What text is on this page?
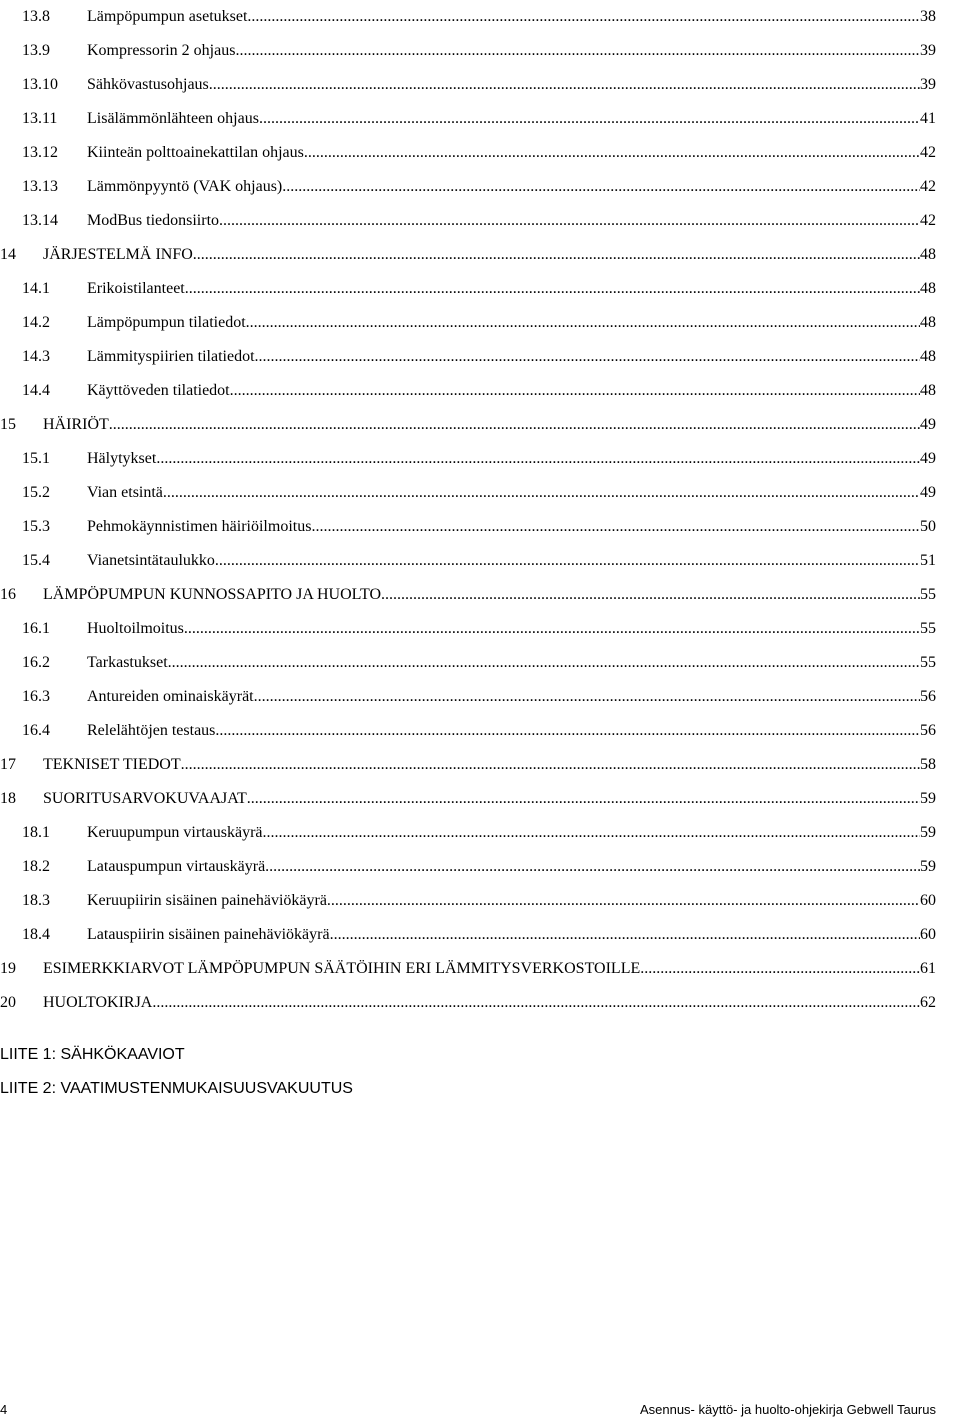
13.8 Lämpöpumpun asetukset .....	38
13.9 Kompressorin 2 ohjaus .....	39
13.10 Sähkövastusohjaus .....	39
13.11 Lisälämmönlähteen ohjaus .....	41
13.12 Kiinteän polttoainekattilan ohjaus .....	42
13.13 Lämmönpyyntö (VAK ohjaus) .....	42
13.14 ModBus tiedonsiirto .....	42
14 JÄRJESTELMÄ INFO .....	48
14.1 Erikoistilanteet .....	48
14.2 Lämpöpumpun tilatiedot .....	48
14.3 Lämmityspiirien tilatiedot .....	48
14.4 Käyttöveden tilatiedot .....	48
15 HÄIRIÖT .....	49
15.1 Hälytykset .....	49
15.2 Vian etsintä .....	49
15.3 Pehmokäynnistimen häiriöilmoitus .....	50
15.4 Vianetsintätaulukko .....	51
16 LÄMPÖPUMPUN KUNNOSSAPITO JA HUOLTO .....	55
16.1 Huoltoilmoitus .....	55
16.2 Tarkastukset .....	55
16.3 Antureiden ominaiskäyrät .....	56
16.4 Relelähtöjen testaus .....	56
17 TEKNISET TIEDOT .....	58
18 SUORITUSARVOKUVAAJAT .....	59
18.1 Keruupumpun virtauskäyrä .....	59
18.2 Latauspumpun virtauskäyrä .....	59
18.3 Keruupiirin sisäinen painehäviökäyrä .....	60
18.4 Latauspiirin sisäinen painehäviökäyrä .....	60
19 ESIMERKKIARVOT LÄMPÖPUMPUN SÄÄTÖIHIN ERI LÄMMITYSVERKOSTOILLE .....	61
20 HUOLTOKIRJA .....	62
LIITE 1: SÄHKÖKAAVIOT
LIITE 2: VAATIMUSTENMUKAISUUSVAKUUTUS
4	Asennus- käyttö- ja huolto-ohjekirja Gebwell Taurus
